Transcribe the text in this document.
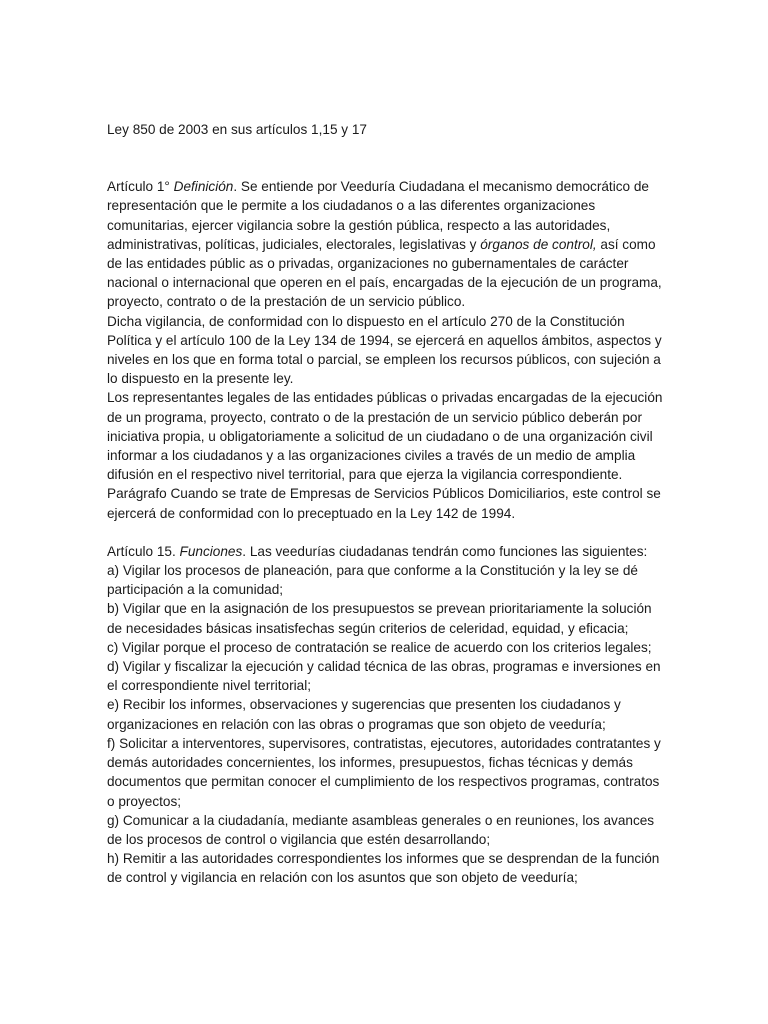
Ley 850 de 2003 en sus artículos 1,15 y 17

Artículo 1° Definición. Se entiende por Veeduría Ciudadana el mecanismo democrático de representación que le permite a los ciudadanos o a las diferentes organizaciones comunitarias, ejercer vigilancia sobre la gestión pública, respecto a las autoridades, administrativas, políticas, judiciales, electorales, legislativas y órganos de control, así como de las entidades públic as o privadas, organizaciones no gubernamentales de carácter nacional o internacional que operen en el país, encargadas de la ejecución de un programa, proyecto, contrato o de la prestación de un servicio público.

Dicha vigilancia, de conformidad con lo dispuesto en el artículo 270 de la Constitución Política y el artículo 100 de la Ley 134 de 1994, se ejercerá en aquellos ámbitos, aspectos y niveles en los que en forma total o parcial, se empleen los recursos públicos, con sujeción a lo dispuesto en la presente ley.

Los representantes legales de las entidades públicas o privadas encargadas de la ejecución de un programa, proyecto, contrato o de la prestación de un servicio público deberán por iniciativa propia, u obligatoriamente a solicitud de un ciudadano o de una organización civil informar a los ciudadanos y a las organizaciones civiles a través de un medio de amplia difusión en el respectivo nivel territorial, para que ejerza la vigilancia correspondiente.

Parágrafo Cuando se trate de Empresas de Servicios Públicos Domiciliarios, este control se ejercerá de conformidad con lo preceptuado en la Ley 142 de 1994.

Artículo 15. Funciones. Las veedurías ciudadanas tendrán como funciones las siguientes:

a) Vigilar los procesos de planeación, para que conforme a la Constitución y la ley se dé participación a la comunidad;

b) Vigilar que en la asignación de los presupuestos se prevean prioritariamente la solución de necesidades básicas insatisfechas según criterios de celeridad, equidad, y eficacia;

c) Vigilar porque el proceso de contratación se realice de acuerdo con los criterios legales;

d) Vigilar y fiscalizar la ejecución y calidad técnica de las obras, programas e inversiones en el correspondiente nivel territorial;

e) Recibir los informes, observaciones y sugerencias que presenten los ciudadanos y organizaciones en relación con las obras o programas que son objeto de veeduría;

f) Solicitar a interventores, supervisores, contratistas, ejecutores, autoridades contratantes y demás autoridades concernientes, los informes, presupuestos, fichas técnicas y demás documentos que permitan conocer el cumplimiento de los respectivos programas, contratos o proyectos;

g) Comunicar a la ciudadanía, mediante asambleas generales o en reuniones, los avances de los procesos de control o vigilancia que estén desarrollando;

h) Remitir a las autoridades correspondientes los informes que se desprendan de la función de control y vigilancia en relación con los asuntos que son objeto de veeduría;
